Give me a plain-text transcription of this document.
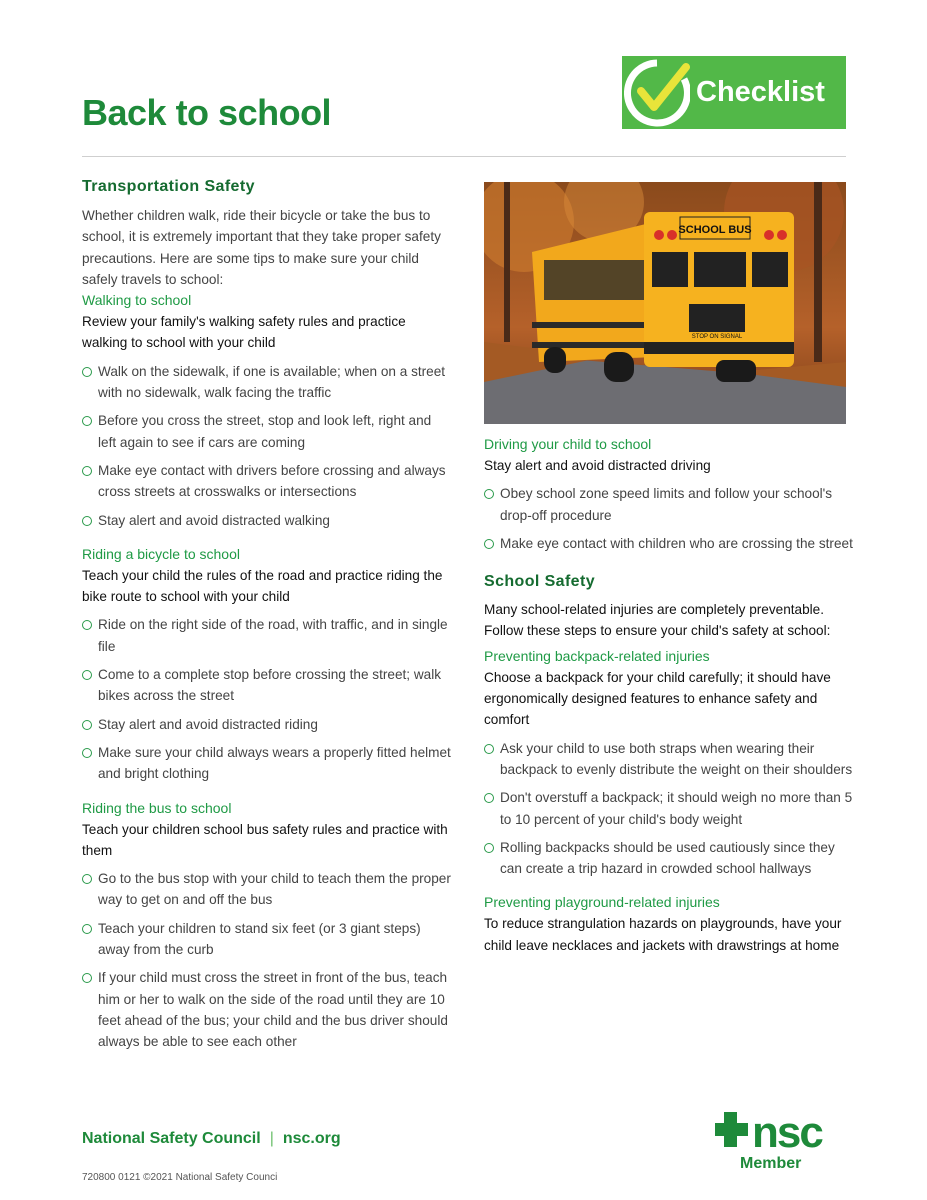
Back to school	Checklist
Transportation Safety

Whether children walk, ride their bicycle or take the bus to school, it is extremely important that they take proper safety precautions. Here are some tips to make sure your child safely travels to school:

Walking to school

Review your family's walking safety rules and practice walking to school with your child

Walk on the sidewalk, if one is available; when on a street with no sidewalk, walk facing the traffic
Before you cross the street, stop and look left, right and left again to see if cars are coming
Make eye contact with drivers before crossing and always cross streets at crosswalks or intersections
Stay alert and avoid distracted walking
Riding a bicycle to school

Teach your child the rules of the road and practice riding the bike route to school with your child

Ride on the right side of the road, with traffic, and in single file
Come to a complete stop before crossing the street; walk bikes across the street
Stay alert and avoid distracted riding
Make sure your child always wears a properly fitted helmet and bright clothing
Riding the bus to school

Teach your children school bus safety rules and practice with them

Go to the bus stop with your child to teach them the proper way to get on and off the bus
Teach your children to stand six feet (or 3 giant steps) away from the curb
If your child must cross the street in front of the bus, teach him or her to walk on the side of the road until they are 10 feet ahead of the bus; your child and the bus driver should always be able to see each other
SCHOOL BUS
STOP ON SIGNAL
Driving your child to school

Stay alert and avoid distracted driving

Obey school zone speed limits and follow your school's drop-off procedure
Make eye contact with children who are crossing the street
School Safety

Many school-related injuries are completely preventable. Follow these steps to ensure your child's safety at school:

Preventing backpack-related injuries

Choose a backpack for your child carefully; it should have ergonomically designed features to enhance safety and comfort

Ask your child to use both straps when wearing their backpack to evenly distribute the weight on their shoulders
Don't overstuff a backpack; it should weigh no more than 5 to 10 percent of your child's body weight
Rolling backpacks should be used cautiously since they can create a trip hazard in crowded school hallways
Preventing playground-related injuries

To reduce strangulation hazards on playgrounds, have your child leave necklaces and jackets with drawstrings at home

National Safety Council | nsc.org
720800 0121 ©2021 National Safety Counci
nsc
Member
